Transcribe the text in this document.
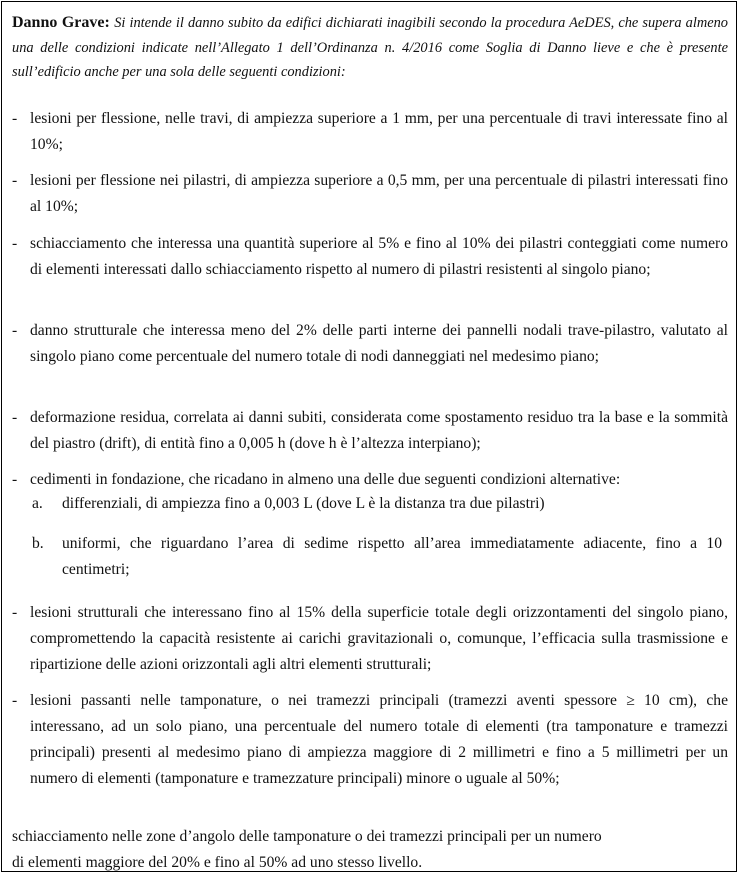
Danno Grave: Si intende il danno subito da edifici dichiarati inagibili secondo la procedura AeDES, che supera almeno una delle condizioni indicate nell’Allegato 1 dell’Ordinanza n. 4/2016 come Soglia di Danno lieve e che è presente sull’edificio anche per una sola delle seguenti condizioni:
- lesioni per flessione, nelle travi, di ampiezza superiore a 1 mm, per una percentuale di travi interessate fino al 10%;
- lesioni per flessione nei pilastri, di ampiezza superiore a 0,5 mm, per una percentuale di pilastri interessati fino al 10%;
- schiacciamento che interessa una quantità superiore al 5% e fino al 10% dei pilastri conteggiati come numero di elementi interessati dallo schiacciamento rispetto al numero di pilastri resistenti al singolo piano;
- danno strutturale che interessa meno del 2% delle parti interne dei pannelli nodali trave-pilastro, valutato al singolo piano come percentuale del numero totale di nodi danneggiati nel medesimo piano;
- deformazione residua, correlata ai danni subiti, considerata come spostamento residuo tra la base e la sommità del piastro (drift), di entità fino a 0,005 h (dove h è l’altezza interpiano);
- cedimenti in fondazione, che ricadano in almeno una delle due seguenti condizioni alternative:
a. differenziali, di ampiezza fino a 0,003 L (dove L è la distanza tra due pilastri)
b. uniformi, che riguardano l’area di sedime rispetto all’area immediatamente adiacente, fino a 10 centimetri;
- lesioni strutturali che interessano fino al 15% della superficie totale degli orizzontamenti del singolo piano, compromettendo la capacità resistente ai carichi gravitazionali o, comunque, l’efficacia sulla trasmissione e ripartizione delle azioni orizzontali agli altri elementi strutturali;
- lesioni passanti nelle tamponature, o nei tramezzi principali (tramezzi aventi spessore ≥ 10 cm), che interessano, ad un solo piano, una percentuale del numero totale di elementi (tra tamponature e tramezzi principali) presenti al medesimo piano di ampiezza maggiore di 2 millimetri e fino a 5 millimetri per un numero di elementi (tamponature e tramezzature principali) minore o uguale al 50%;
schiacciamento nelle zone d’angolo delle tamponature o dei tramezzi principali per un numero
di elementi maggiore del 20% e fino al 50% ad uno stesso livello.
